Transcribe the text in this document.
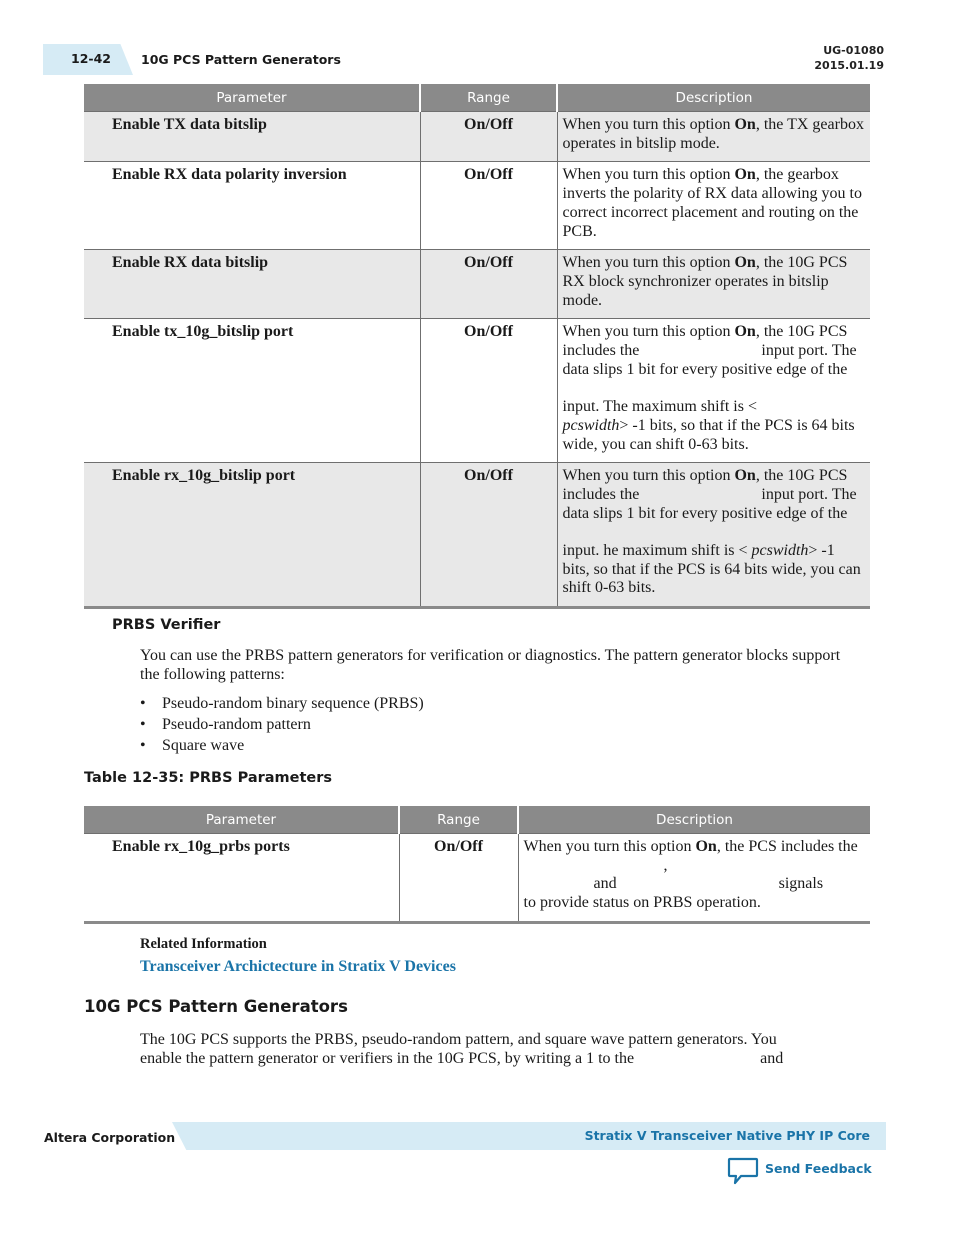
12-42 10G PCS Pattern Generators
UG-01080
2015.01.19
Parameter	Range	Description
Enable TX data bitslip	On/Off	When you turn this option On, the TX gearbox operates in bitslip mode.
Enable RX data polarity inversion	On/Off	When you turn this option On, the gearbox inverts the polarity of RX data allowing you to correct incorrect placement and routing on the PCB.
Enable RX data bitslip	On/Off	When you turn this option On, the 10G PCS RX block synchronizer operates in bitslip mode.
Enable tx_10g_bitslip port	On/Off	When you turn this option On, the 10G PCS includes the input port. The data slips 1 bit for every positive edge of the
input. The maximum shift is <
pcswidth> -1 bits, so that if the PCS is 64 bits wide, you can shift 0-63 bits.
Enable rx_10g_bitslip port	On/Off	When you turn this option On, the 10G PCS includes the input port. The data slips 1 bit for every positive edge of the
input. he maximum shift is < pcswidth> -1 bits, so that if the PCS is 64 bits wide, you can shift 0-63 bits.
PRBS Verifier
You can use the PRBS pattern generators for verification or diagnostics. The pattern generator blocks support the following patterns:
• Pseudo-random binary sequence (PRBS)
• Pseudo-random pattern
• Square wave
Table 12-35: PRBS Parameters
Parameter	Range	Description
Enable rx_10g_prbs ports	On/Off	When you turn this option On, the PCS includes the,
and signals
to provide status on PRBS operation.
Related Information
Transceiver Archictecture in Stratix V Devices
10G PCS Pattern Generators
The 10G PCS supports the PRBS, pseudo-random pattern, and square wave pattern generators. You
enable the pattern generator or verifiers in the 10G PCS, by writing a 1 to the	and
Altera Corporation	Stratix V Transceiver Native PHY IP Core
Send Feedback
